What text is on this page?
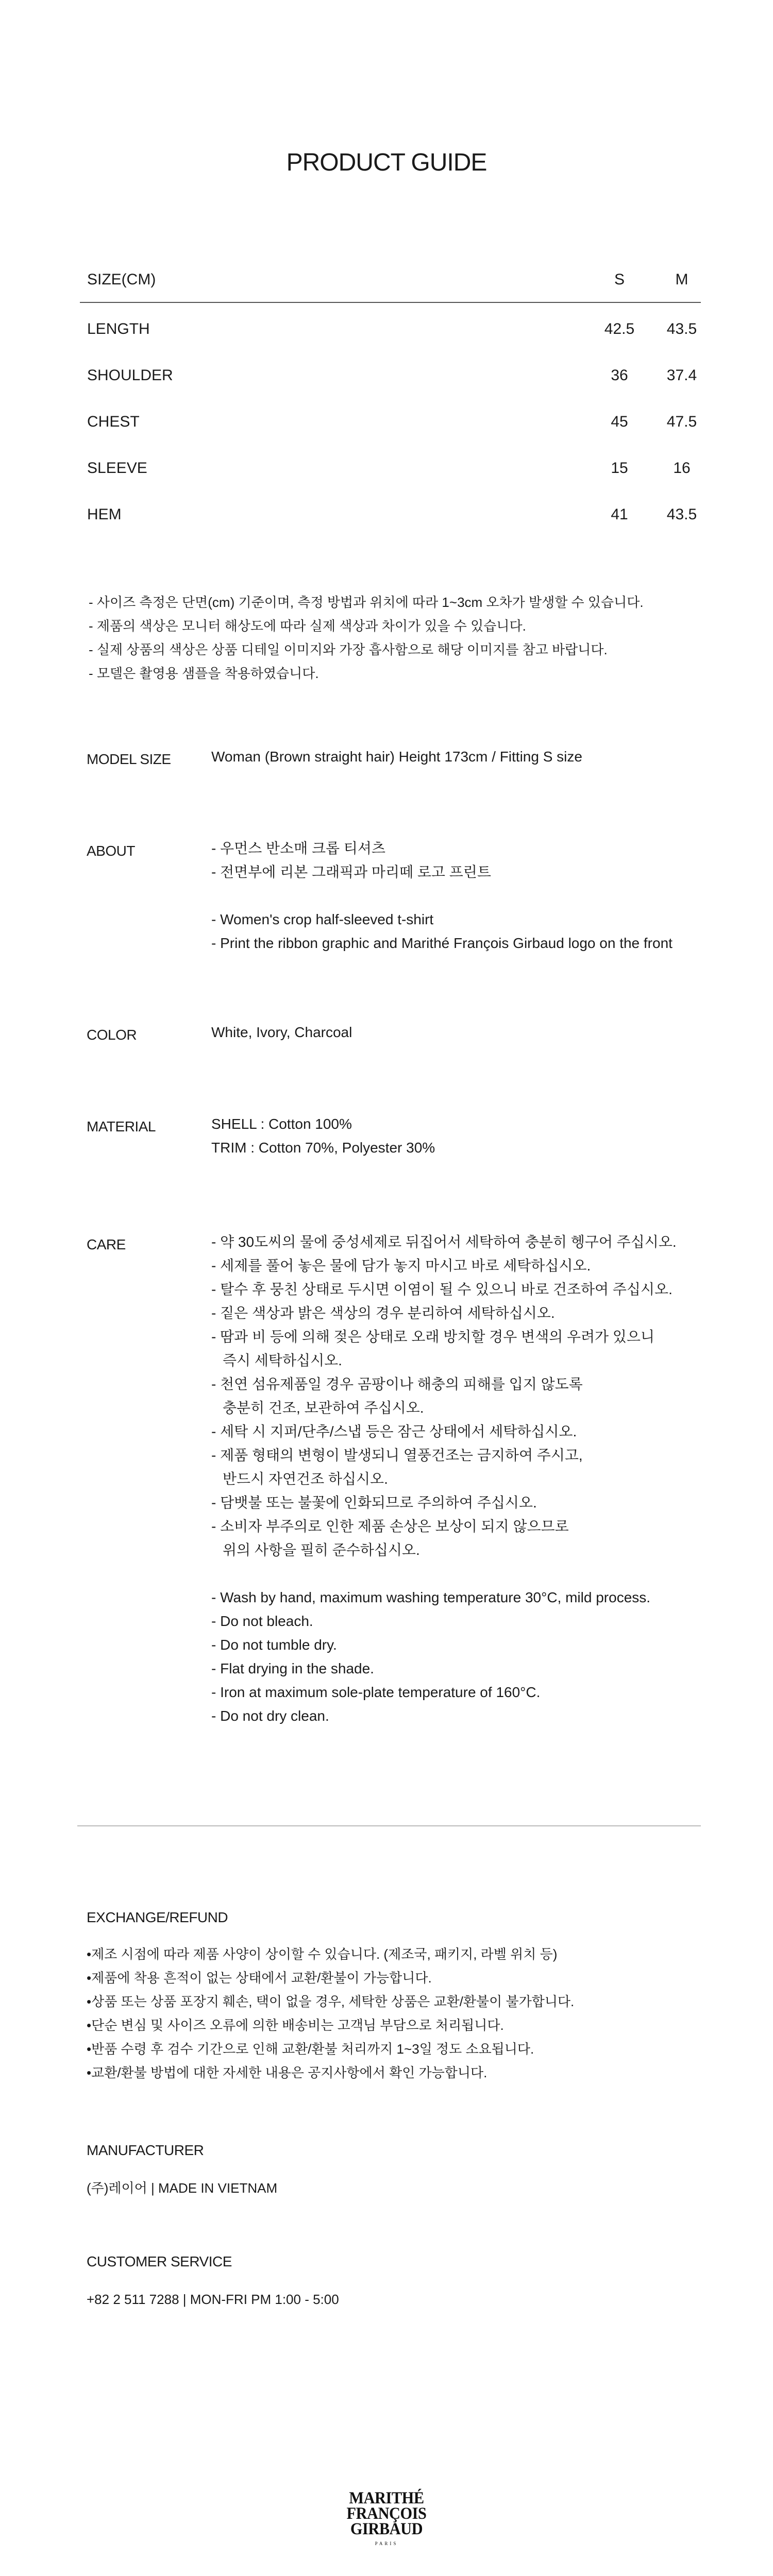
PRODUCT GUIDE
SIZE(CM)	S	M
LENGTH	42.5	43.5
SHOULDER	36	37.4
CHEST	45	47.5
SLEEVE	15	16
HEM	41	43.5
- 사이즈 측정은 단면(cm) 기준이며, 측정 방법과 위치에 따라 1~3cm 오차가 발생할 수 있습니다.
- 제품의 색상은 모니터 해상도에 따라 실제 색상과 차이가 있을 수 있습니다.
- 실제 상품의 색상은 상품 디테일 이미지와 가장 흡사함으로 해당 이미지를 참고 바랍니다.
- 모델은 촬영용 샘플을 착용하였습니다.
MODEL SIZE	Woman (Brown straight hair) Height 173cm / Fitting S size
ABOUT	- 우먼스 반소매 크롭 티셔츠
- 전면부에 리본 그래픽과 마리떼 로고 프린트
- Women's crop half-sleeved t-shirt
- Print the ribbon graphic and Marithé François Girbaud logo on the front
COLOR	White, Ivory, Charcoal
MATERIAL	SHELL : Cotton 100%
TRIM : Cotton 70%, Polyester 30%
CARE	- 약 30도씨의 물에 중성세제로 뒤집어서 세탁하여 충분히 헹구어 주십시오.
- 세제를 풀어 놓은 물에 담가 놓지 마시고 바로 세탁하십시오.
- 탈수 후 뭉친 상태로 두시면 이염이 될 수 있으니 바로 건조하여 주십시오.
- 짙은 색상과 밝은 색상의 경우 분리하여 세탁하십시오.
- 땀과 비 등에 의해 젖은 상태로 오래 방치할 경우 변색의 우려가 있으니
즉시 세탁하십시오.
- 천연 섬유제품일 경우 곰팡이나 해충의 피해를 입지 않도록
충분히 건조, 보관하여 주십시오.
- 세탁 시 지퍼/단추/스냅 등은 잠근 상태에서 세탁하십시오.
- 제품 형태의 변형이 발생되니 열풍건조는 금지하여 주시고,
반드시 자연건조 하십시오.
- 담뱃불 또는 불꽃에 인화되므로 주의하여 주십시오.
- 소비자 부주의로 인한 제품 손상은 보상이 되지 않으므로
위의 사항을 필히 준수하십시오.
- Wash by hand, maximum washing temperature 30°C, mild process.
- Do not bleach.
- Do not tumble dry.
- Flat drying in the shade.
- Iron at maximum sole-plate temperature of 160°C.
- Do not dry clean.
EXCHANGE/REFUND
•제조 시점에 따라 제품 사양이 상이할 수 있습니다. (제조국, 패키지, 라벨 위치 등)
•제품에 착용 흔적이 없는 상태에서 교환/환불이 가능합니다.
•상품 또는 상품 포장지 훼손, 택이 없을 경우, 세탁한 상품은 교환/환불이 불가합니다.
•단순 변심 및 사이즈 오류에 의한 배송비는 고객님 부담으로 처리됩니다.
•반품 수령 후 검수 기간으로 인해 교환/환불 처리까지 1~3일 정도 소요됩니다.
•교환/환불 방법에 대한 자세한 내용은 공지사항에서 확인 가능합니다.
MANUFACTURER
(주)레이어 | MADE IN VIETNAM
CUSTOMER SERVICE
+82 2 511 7288 | MON-FRI PM 1:00 - 5:00
MARITHÉ
FRANÇOIS
GIRBAUD
PARIS
